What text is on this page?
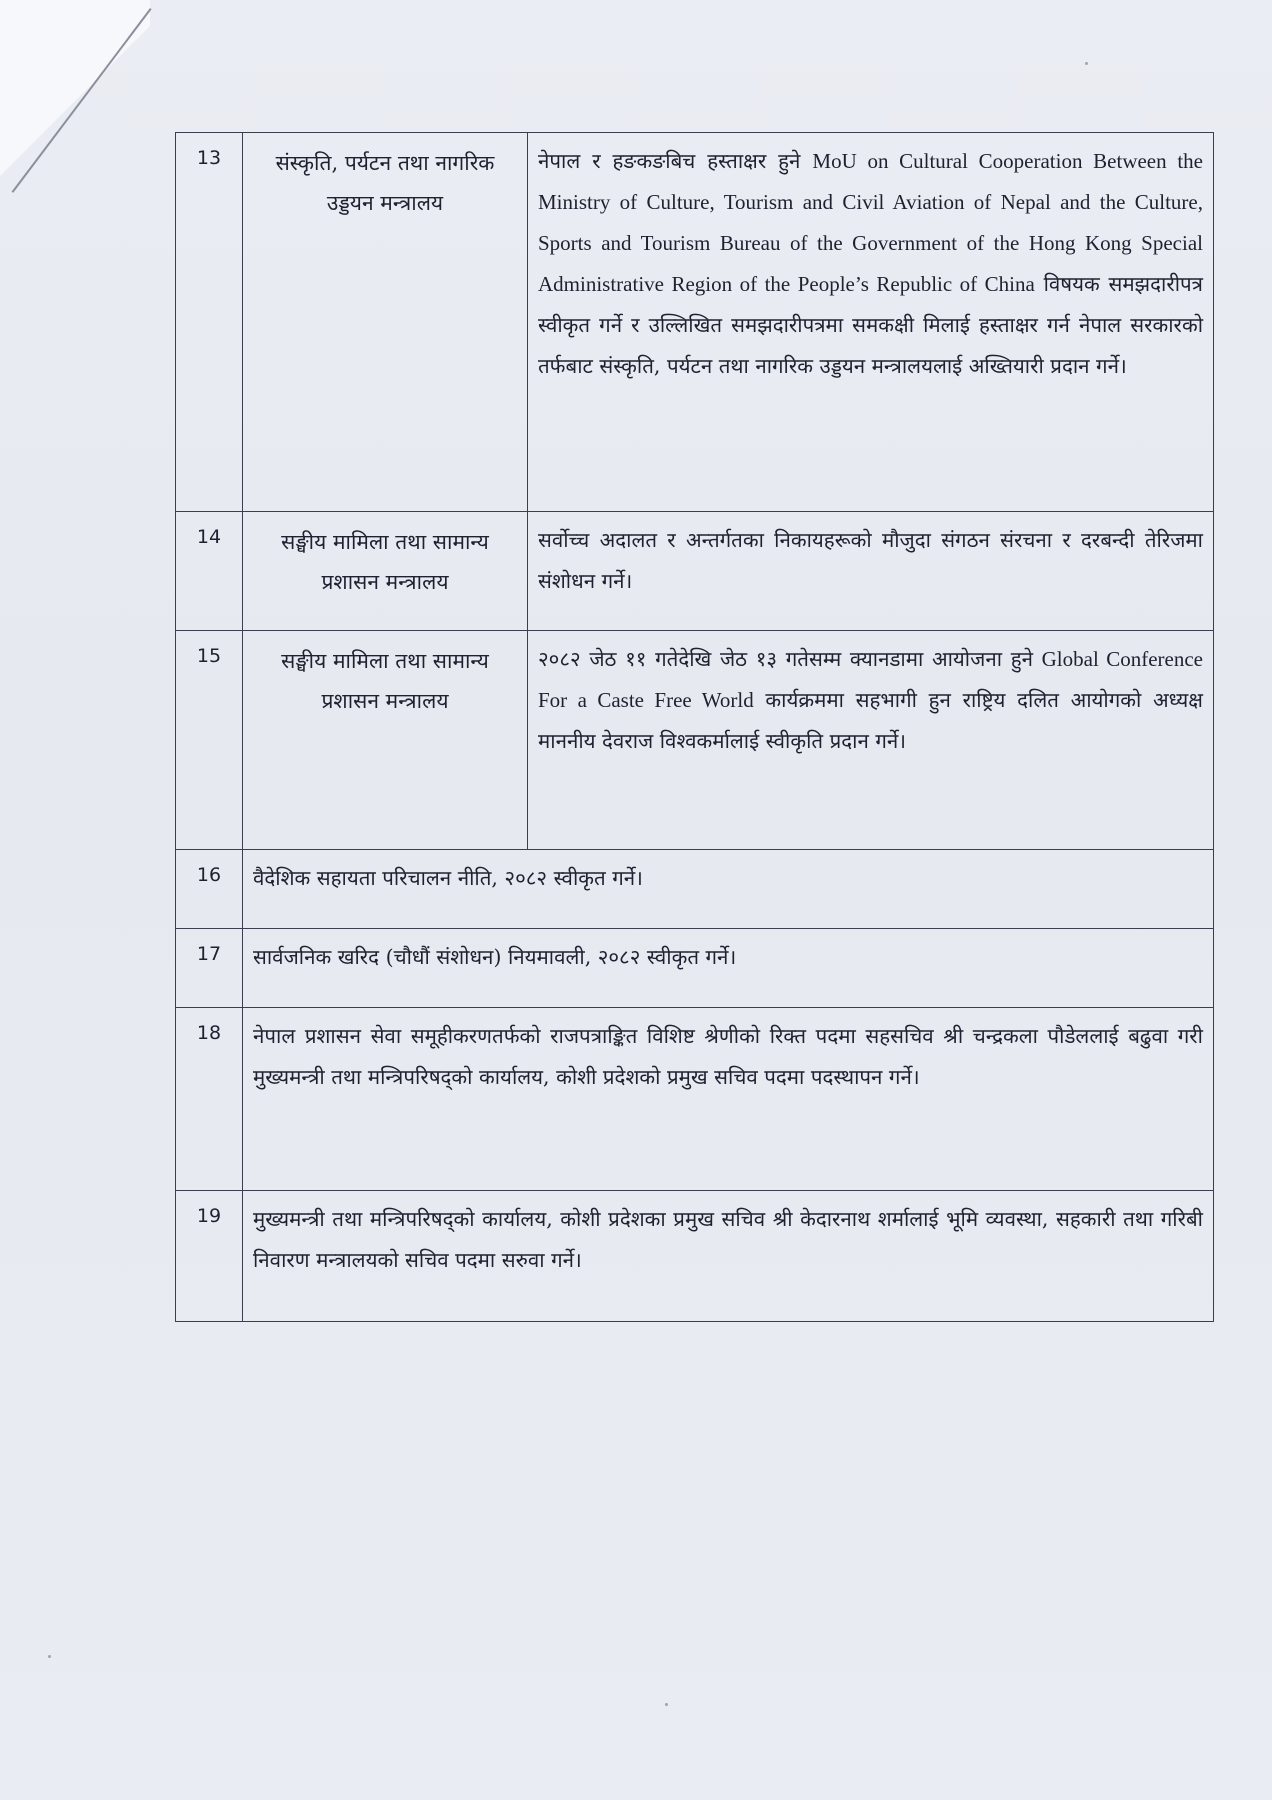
13	संस्कृति, पर्यटन तथा नागरिक उड्डयन मन्त्रालय	नेपाल र हङकङबिच हस्ताक्षर हुने MoU on Cultural Cooperation Between the Ministry of Culture, Tourism and Civil Aviation of Nepal and the Culture, Sports and Tourism Bureau of the Government of the Hong Kong Special Administrative Region of the People’s Republic of China विषयक समझदारीपत्र स्वीकृत गर्ने र उल्लिखित समझदारीपत्रमा समकक्षी मिलाई हस्ताक्षर गर्न नेपाल सरकारको तर्फबाट संस्कृति, पर्यटन तथा नागरिक उड्डयन मन्त्रालयलाई अख्तियारी प्रदान गर्ने।
14	सङ्घीय मामिला तथा सामान्य प्रशासन मन्त्रालय	सर्वोच्च अदालत र अन्तर्गतका निकायहरूको मौजुदा संगठन संरचना र दरबन्दी तेरिजमा संशोधन गर्ने।
15	सङ्घीय मामिला तथा सामान्य प्रशासन मन्त्रालय	२०८२ जेठ ११ गतेदेखि जेठ १३ गतेसम्म क्यानडामा आयोजना हुने Global Conference For a Caste Free World कार्यक्रममा सहभागी हुन राष्ट्रिय दलित आयोगको अध्यक्ष माननीय देवराज विश्वकर्मालाई स्वीकृति प्रदान गर्ने।
16	वैदेशिक सहायता परिचालन नीति, २०८२ स्वीकृत गर्ने।	
17	सार्वजनिक खरिद (चौधौं संशोधन) नियमावली, २०८२ स्वीकृत गर्ने।	
18	नेपाल प्रशासन सेवा समूहीकरणतर्फको राजपत्राङ्कित विशिष्ट श्रेणीको रिक्त पदमा सहसचिव श्री चन्द्रकला पौडेललाई बढुवा गरी मुख्यमन्त्री तथा मन्त्रिपरिषद्को कार्यालय, कोशी प्रदेशको प्रमुख सचिव पदमा पदस्थापन गर्ने।	
19	मुख्यमन्त्री तथा मन्त्रिपरिषद्को कार्यालय, कोशी प्रदेशका प्रमुख सचिव श्री केदारनाथ शर्मालाई भूमि व्यवस्था, सहकारी तथा गरिबी निवारण मन्त्रालयको सचिव पदमा सरुवा गर्ने।	
